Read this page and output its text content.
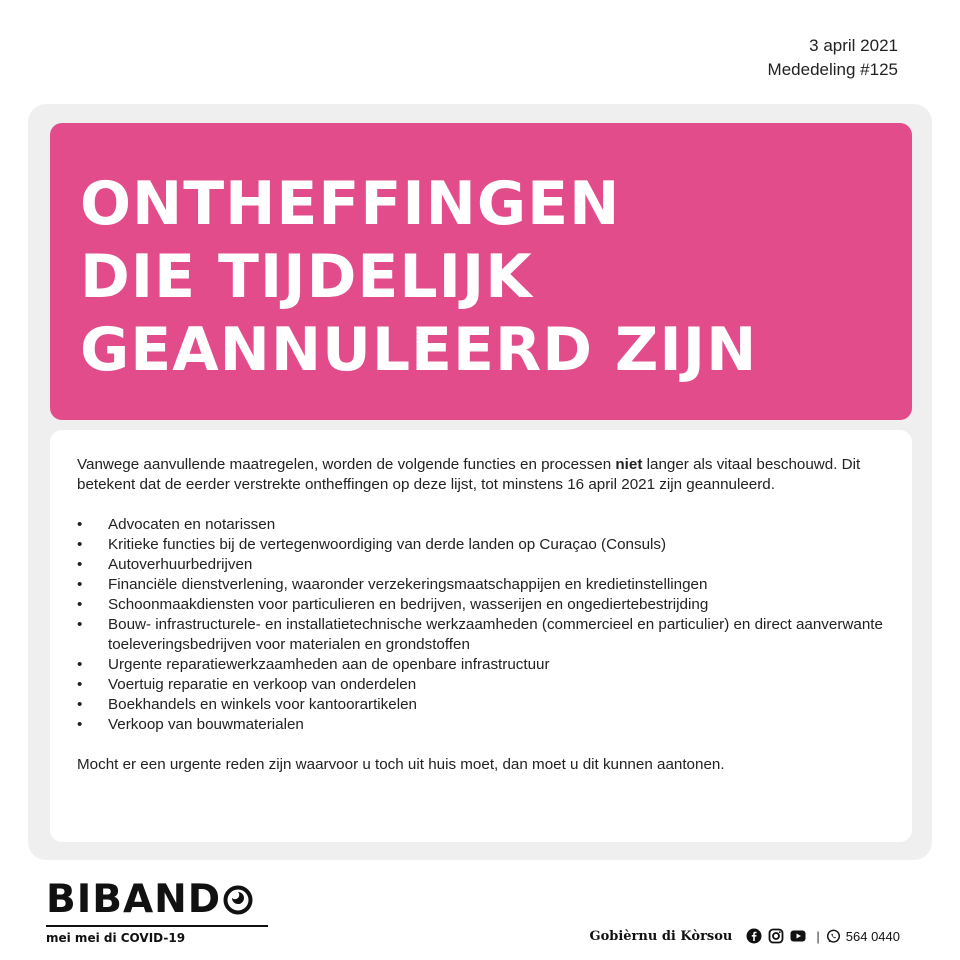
3 april 2021
Mededeling #125
ONTHEFFINGEN
DIE TIJDELIJK
GEANNULEERD ZIJN

Vanwege aanvullende maatregelen, worden de volgende functies en processen niet langer als vitaal beschouwd. Dit betekent dat de eerder verstrekte ontheffingen op deze lijst, tot minstens 16 april 2021 zijn geannuleerd.

• Advocaten en notarissen
• Kritieke functies bij de vertegenwoordiging van derde landen op Curaçao (Consuls)
• Autoverhuurbedrijven
• Financiële dienstverlening, waaronder verzekeringsmaatschappijen en kredietinstellingen
• Schoonmaakdiensten voor particulieren en bedrijven, wasserijen en ongediertebestrijding
• Bouw- infrastructurele- en installatietechnische werkzaamheden (commercieel en particulier) en direct aanverwante toeleveringsbedrijven voor materialen en grondstoffen
• Urgente reparatiewerkzaamheden aan de openbare infrastructuur
• Voertuig reparatie en verkoop van onderdelen
• Boekhandels en winkels voor kantoorartikelen
• Verkoop van bouwmaterialen

Mocht er een urgente reden zijn waarvoor u toch uit huis moet, dan moet u dit kunnen aantonen.

BIBAND
mei mei di COVID-19	Gobièrnu di Kòrsou	| 564 0440
